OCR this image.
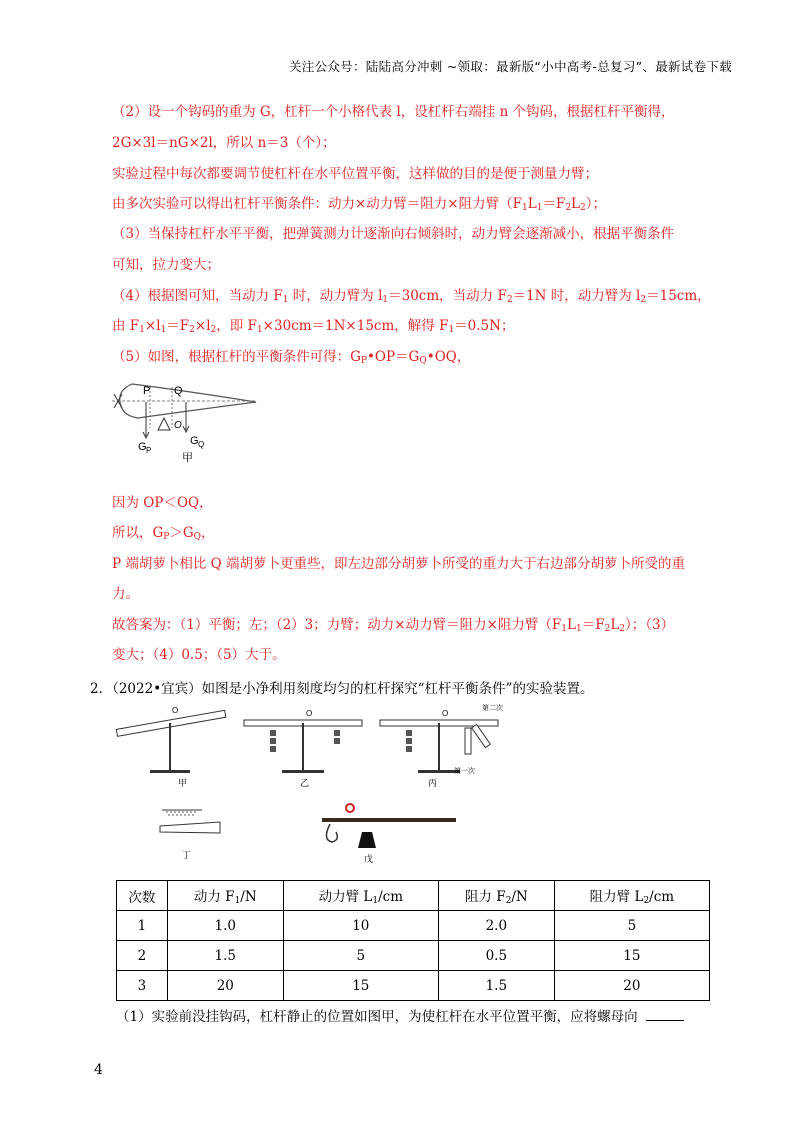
关注公众号：陆陆高分冲刺 ~领取：最新版“小中高考-总复习”、最新试卷下载
（2）设一个钩码的重为 G，杠杆一个小格代表 l，设杠杆右端挂 n 个钩码，根据杠杆平衡得，
2G×3l＝nG×2l，所以 n＝3（个）；
实验过程中每次都要调节使杠杆在水平位置平衡，这样做的目的是便于测量力臂；
由多次实验可以得出杠杆平衡条件：动力×动力臂＝阻力×阻力臂$(F_1L_1=F_2L_2)$；
（3）当保持杠杆水平平衡，把弹簧测力计逐渐向右倾斜时，动力臂会逐渐减小，根据平衡条件
可知，拉力变大；
（4）根据图可知，当动力 $F_1$ 时，动力臂为 $l_1=30cm$，当动力 $F_2=1N$ 时，动力臂为 $l_2=15cm$，
由 $F_1\times l_1=F_2\times l_2$，即 $F_1\times 30cm=1N\times 15cm$，解得 $F_1=0.5N$；
（5）如图，根据杠杆的平衡条件可得：$G_P•OP=G_Q•OQ$，
P Q
O
G P
G Q
甲
因为 OP＜OQ，
所以，$G_P>G_Q$，
P 端胡萝卜相比 Q 端胡萝卜更重些，即左边部分胡萝卜所受的重力大于右边部分胡萝卜所受的重
力。
故答案为：（1）平衡；左；（2）3；力臂；动力×动力臂＝阻力×阻力臂$(F_1L_1=F_2L_2)$；（3）
变大；（4）0.5；（5）大于。
2．（2022•宜宾）如图是小净利用刻度均匀的杠杆探究“杠杆平衡条件”的实验装置。
O
甲
O
乙
O
第一次
第二次
丙
丁	戊
次数	动力 $F_1/N$	动力臂 $L_1/cm$	阻力 $F_2/N$	阻力臂 $L_2/cm$
1	1.0	10	2.0	5
2	1.5	5	0.5	15
3	20	15	1.5	20
（1）实验前没挂钩码，杠杆静止的位置如图甲，为使杠杆在水平位置平衡，应将螺母向
4
